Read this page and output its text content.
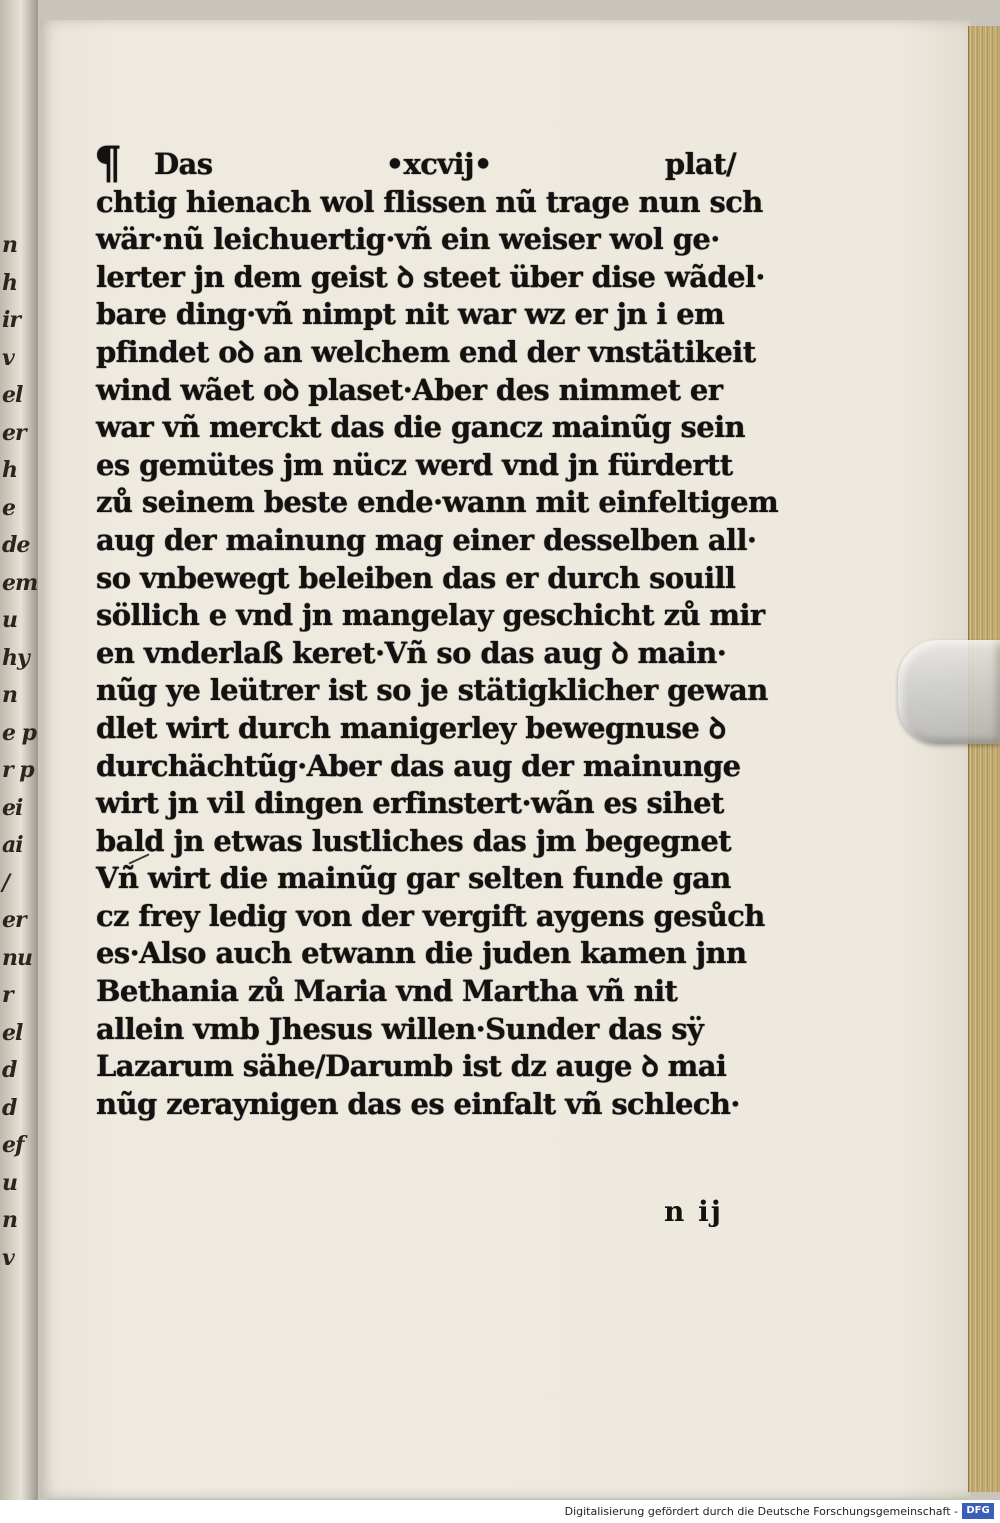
n
h
ir
v
el
er
h
e
de
em
u
hy
n
e p
r p
ei
ai
/
er
nu
r
el
d
d
ef
u
n
v
¶ Das	•xcvij•	plat/
chtig hienach wol flissen nũ trage nun sch
wär·nũ leichuertig·vñ ein weiser wol ge·
lerter jn dem geist ꝺ steet über dise wãdel·
bare ding·vñ nimpt nit war wz er jn i em
pfindet oꝺ an welchem end der vnstätikeit
wind wãet oꝺ plaset·Aber des nimmet er
war vñ merckt das die gancz mainũg sein
es gemütes jm nücz werd vnd jn fürdertt
zů seinem beste ende·wann mit einfeltigem
aug der mainung mag einer desselben all·
so vnbewegt beleiben das er durch souill
söllich e vnd jn mangelay geschicht zů mir
en vnderlaß keret·Vñ so das aug ꝺ main·
nũg ye leütrer ist so je stätigklicher gewan
dlet wirt durch manigerley bewegnuse ꝺ
durchächtũg·Aber das aug der mainunge
wirt jn vil dingen erfinstert·wãn es sihet
bald jn etwas lustliches das jm begegnet
Vñ wirt die mainũg gar selten funde gan
cz frey ledig von der vergift aygens gesůch
es·Also auch etwann die juden kamen jnn
Bethania zů Maria vnd Martha vñ nit
allein vmb Jhesus willen·Sunder das sÿ
Lazarum sähe/Darumb ist dz auge ꝺ mai
nũg zeraynigen das es einfalt vñ schlech·
n ij
Digitalisierung gefördert durch die Deutsche Forschungsgemeinschaft - DFG
